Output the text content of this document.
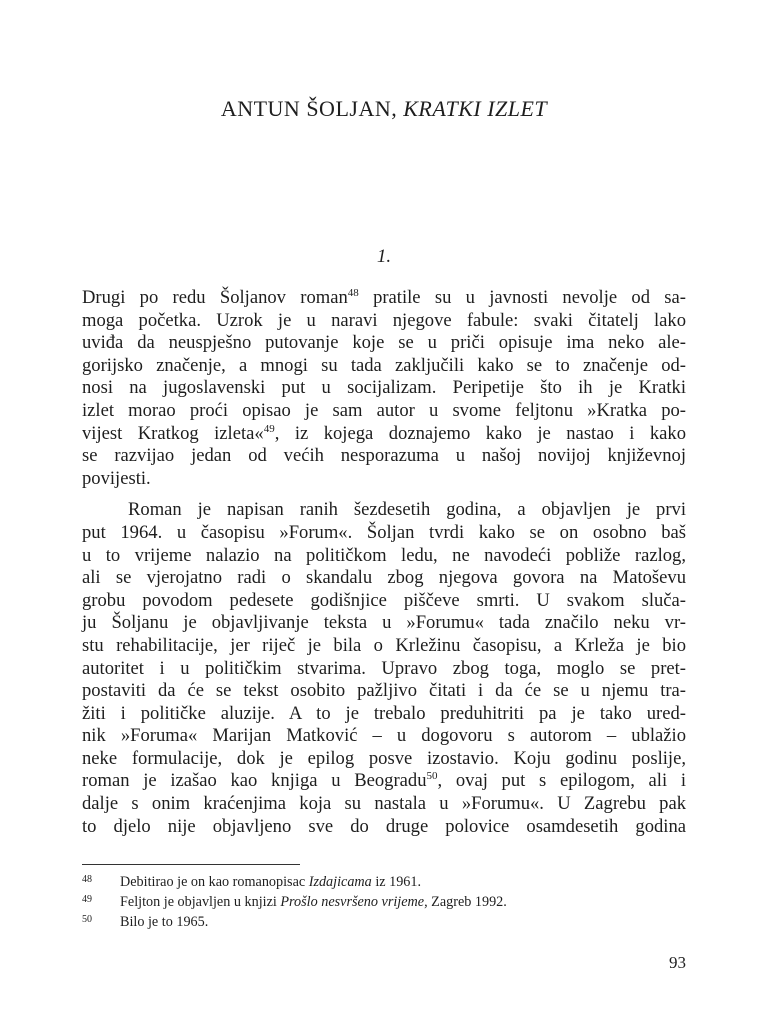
ANTUN ŠOLJAN, KRATKI IZLET
1.

Drugi po redu Šoljanov roman$^{48}$ pratile su u javnosti nevolje od sa-
moga početka. Uzrok je u naravi njegove fabule: svaki čitatelj lako
uviđa da neuspješno putovanje koje se u priči opisuje ima neko ale-
gorijsko značenje, a mnogi su tada zaključili kako se to značenje od-
nosi na jugoslavenski put u socijalizam. Peripetije što ih je Kratki
izlet morao proći opisao je sam autor u svome feljtonu »Kratka po-
vijest Kratkog izleta«$^{49}$, iz kojega doznajemo kako je nastao i kako
se razvijao jedan od većih nesporazuma u našoj novijoj književnoj
povijesti.

Roman je napisan ranih šezdesetih godina, a objavljen je prvi
put 1964. u časopisu »Forum«. Šoljan tvrdi kako se on osobno baš
u to vrijeme nalazio na političkom ledu, ne navodeći pobliže razlog,
ali se vjerojatno radi o skandalu zbog njegova govora na Matoševu
grobu povodom pedesete godišnjice piščeve smrti. U svakom sluča-
ju Šoljanu je objavljivanje teksta u »Forumu« tada značilo neku vr-
stu rehabilitacije, jer riječ je bila o Krležinu časopisu, a Krleža je bio
autoritet i u političkim stvarima. Upravo zbog toga, moglo se pret-
postaviti da će se tekst osobito pažljivo čitati i da će se u njemu tra-
žiti i političke aluzije. A to je trebalo preduhitriti pa je tako ured-
nik »Foruma« Marijan Matković – u dogovoru s autorom – ublažio
neke formulacije, dok je epilog posve izostavio. Koju godinu poslije,
roman je izašao kao knjiga u Beogradu$^{50}$, ovaj put s epilogom, ali i
dalje s onim kraćenjima koja su nastala u »Forumu«. U Zagrebu pak
to djelo nije objavljeno sve do druge polovice osamdesetih godina

48	Debitirao je on kao romanopisac Izdajicama iz 1961.
49	Feljton je objavljen u knjizi Prošlo nesvršeno vrijeme, Zagreb 1992.
50	Bilo je to 1965.
93
